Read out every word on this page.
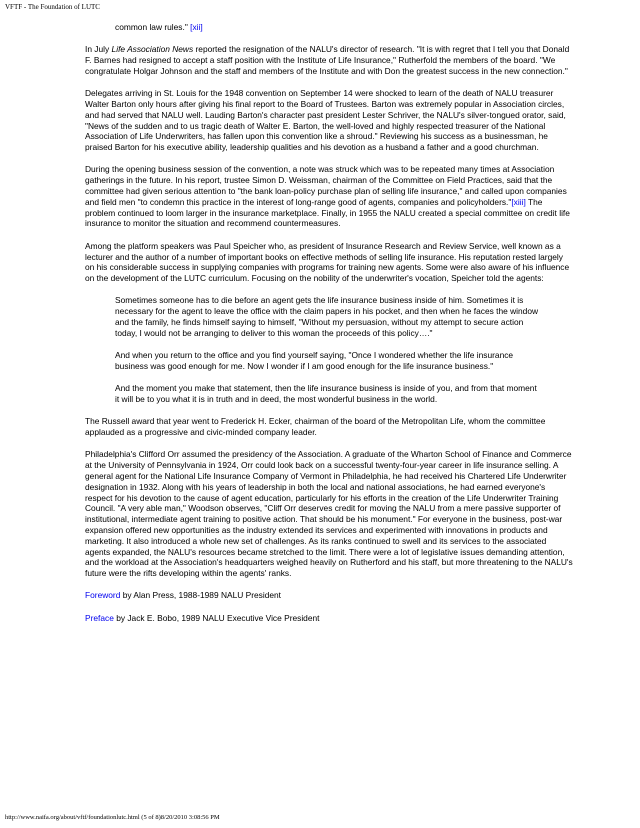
VFTF - The Foundation of LUTC

common law rules." [xii]

In July Life Association News reported the resignation of the NALU's director of research. "It is with regret that I tell you that Donald F. Barnes had resigned to accept a staff position with the Institute of Life Insurance," Rutherfold the members of the board. "We congratulate Holgar Johnson and the staff and members of the Institute and with Don the greatest success in the new connection."

Delegates arriving in St. Louis for the 1948 convention on September 14 were shocked to learn of the death of NALU treasurer Walter Barton only hours after giving his final report to the Board of Trustees. Barton was extremely popular in Association circles, and had served that NALU well. Lauding Barton's character past president Lester Schriver, the NALU's silver-tongued orator, said, "News of the sudden and to us tragic death of Walter E. Barton, the well-loved and highly respected treasurer of the National Association of Life Underwriters, has fallen upon this convention like a shroud." Reviewing his success as a businessman, he praised Barton for his executive ability, leadership qualities and his devotion as a husband a father and a good churchman.

During the opening business session of the convention, a note was struck which was to be repeated many times at Association gatherings in the future. In his report, trustee Simon D. Weissman, chairman of the Committee on Field Practices, said that the committee had given serious attention to "the bank loan-policy purchase plan of selling life insurance," and called upon companies and field men "to condemn this practice in the interest of long-range good of agents, companies and policyholders."[xiii] The problem continued to loom larger in the insurance marketplace. Finally, in 1955 the NALU created a special committee on credit life insurance to monitor the situation and recommend countermeasures.

Among the platform speakers was Paul Speicher who, as president of Insurance Research and Review Service, well known as a lecturer and the author of a number of important books on effective methods of selling life insurance. His reputation rested largely on his considerable success in supplying companies with programs for training new agents. Some were also aware of his influence on the development of the LUTC curriculum. Focusing on the nobility of the underwriter's vocation, Speicher told the agents:

Sometimes someone has to die before an agent gets the life insurance business inside of him. Sometimes it is necessary for the agent to leave the office with the claim papers in his pocket, and then when he faces the window and the family, he finds himself saying to himself, "Without my persuasion, without my attempt to secure action today, I would not be arranging to deliver to this woman the proceeds of this policy…."

And when you return to the office and you find yourself saying, "Once I wondered whether the life insurance business was good enough for me. Now I wonder if I am good enough for the life insurance business."

And the moment you make that statement, then the life insurance business is inside of you, and from that moment it will be to you what it is in truth and in deed, the most wonderful business in the world.

The Russell award that year went to Frederick H. Ecker, chairman of the board of the Metropolitan Life, whom the committee applauded as a progressive and civic-minded company leader.

Philadelphia's Clifford Orr assumed the presidency of the Association. A graduate of the Wharton School of Finance and Commerce at the University of Pennsylvania in 1924, Orr could look back on a successful twenty-four-year career in life insurance selling. A general agent for the National Life Insurance Company of Vermont in Philadelphia, he had received his Chartered Life Underwriter designation in 1932. Along with his years of leadership in both the local and national associations, he had earned everyone's respect for his devotion to the cause of agent education, particularly for his efforts in the creation of the Life Underwriter Training Council. "A very able man," Woodson observes, "Cliff Orr deserves credit for moving the NALU from a mere passive supporter of institutional, intermediate agent training to positive action. That should be his monument." For everyone in the business, post-war expansion offered new opportunities as the industry extended its services and experimented with innovations in products and marketing. It also introduced a whole new set of challenges. As its ranks continued to swell and its services to the associated agents expanded, the NALU's resources became stretched to the limit. There were a lot of legislative issues demanding attention, and the workload at the Association's headquarters weighed heavily on Rutherford and his staff, but more threatening to the NALU's future were the rifts developing within the agents' ranks.

Foreword by Alan Press, 1988-1989 NALU President

Preface by Jack E. Bobo, 1989 NALU Executive Vice President

http://www.naifa.org/about/vftf/foundationlutc.html (5 of 8)8/20/2010 3:08:56 PM
